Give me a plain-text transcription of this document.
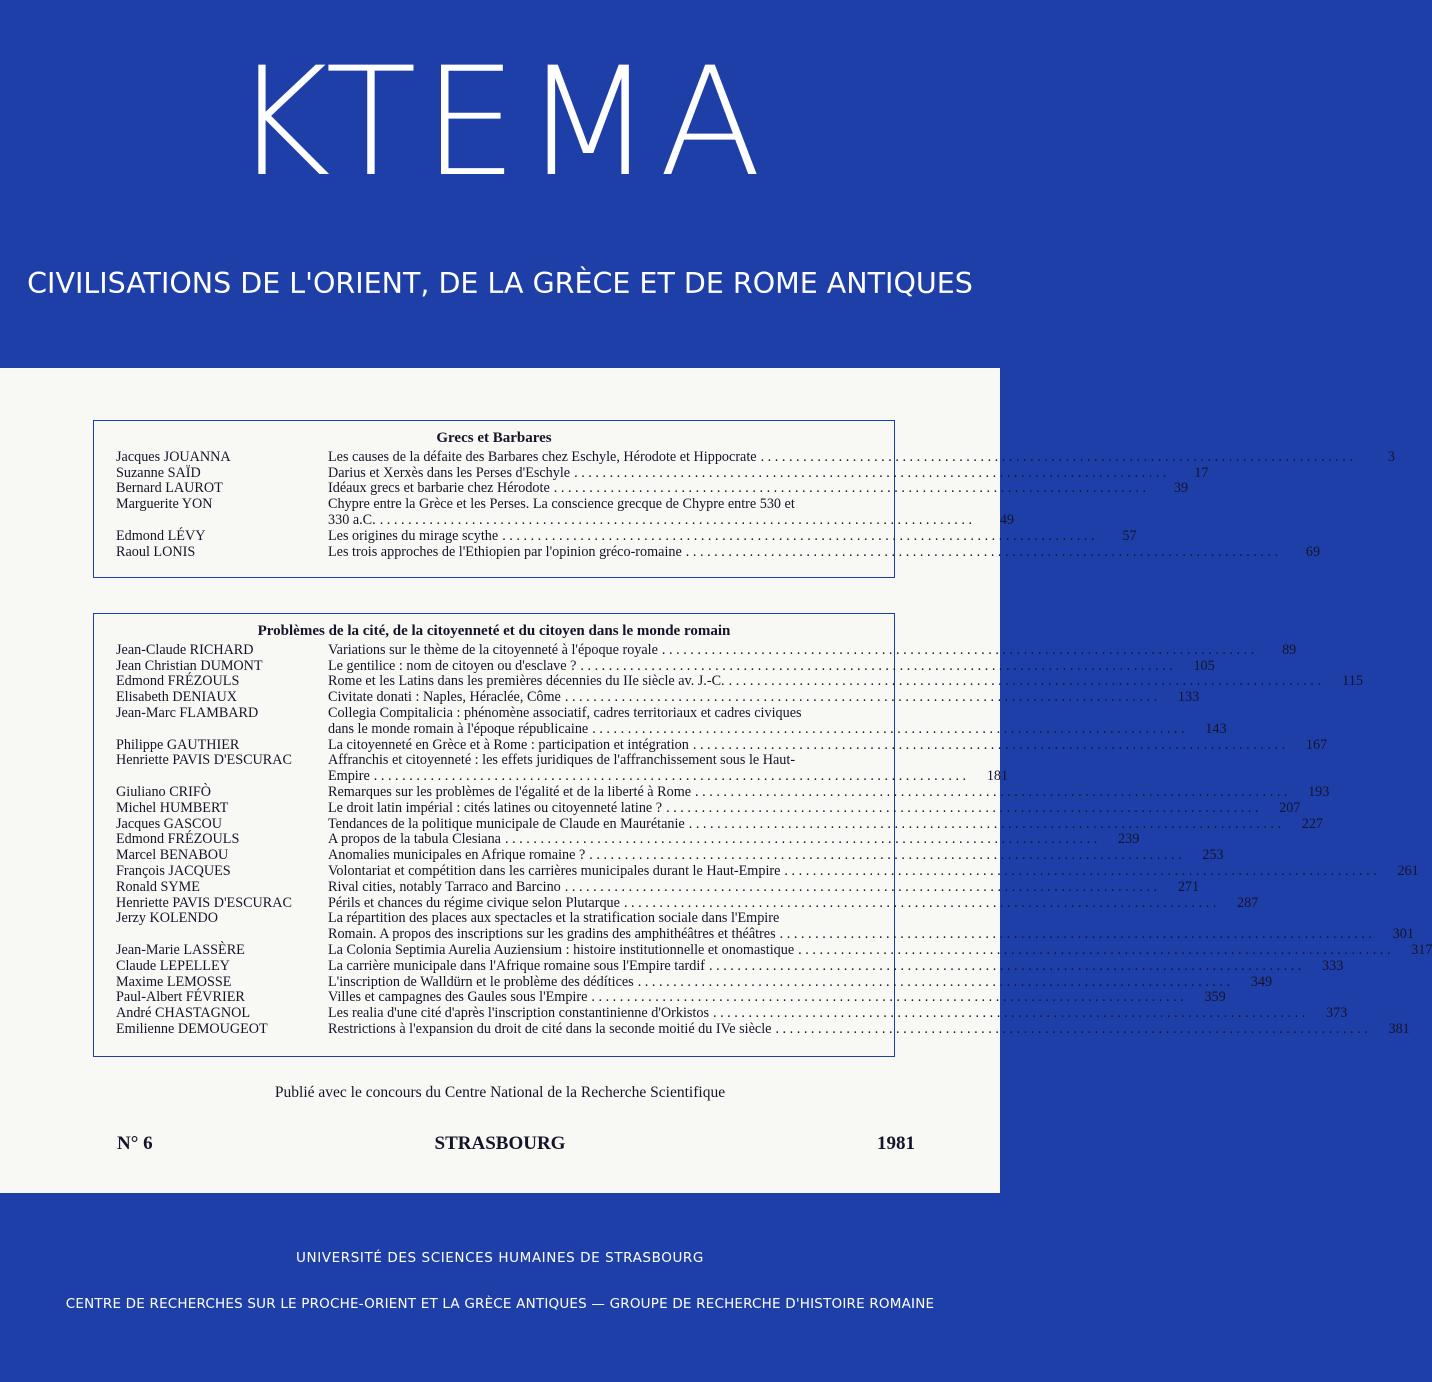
KTEMA
CIVILISATIONS DE L'ORIENT, DE LA GRÈCE ET DE ROME ANTIQUES
Grecs et Barbares
Jacques JOUANNA	Les causes de la défaite des Barbares chez Eschyle, Hérodote et Hippocrate . . .	3
Suzanne SAÏD	Darius et Xerxès dans les Perses d'Eschyle . . .	17
Bernard LAUROT	Idéaux grecs et barbarie chez Hérodote . . .	39
Marguerite YON	Chypre entre la Grèce et les Perses. La conscience grecque de Chypre entre 530 et
330 a.C. . . .	49
Edmond LÉVY	Les origines du mirage scythe . . .	57
Raoul LONIS	Les trois approches de l'Ethiopien par l'opinion gréco-romaine . . .	69
Problèmes de la cité, de la citoyenneté et du citoyen dans le monde romain
Jean-Claude RICHARD	Variations sur le thème de la citoyenneté à l'époque royale . . .	89
Jean Christian DUMONT	Le gentilice : nom de citoyen ou d'esclave ? . . .	105
Edmond FRÉZOULS	Rome et les Latins dans les premières décennies du IIe siècle av. J.-C. . . .	115
Elisabeth DENIAUX	Civitate donati : Naples, Héraclée, Côme . . .	133
Jean-Marc FLAMBARD	Collegia Compitalicia : phénomène associatif, cadres territoriaux et cadres civiques
dans le monde romain à l'époque républicaine . . .	143
Philippe GAUTHIER	La citoyenneté en Grèce et à Rome : participation et intégration . . .	167
Henriette PAVIS D'ESCURAC	Affranchis et citoyenneté : les effets juridiques de l'affranchissement sous le Haut-
Empire . . .	181
Giuliano CRIFÒ	Remarques sur les problèmes de l'égalité et de la liberté à Rome . . .	193
Michel HUMBERT	Le droit latin impérial : cités latines ou citoyenneté latine ? . . .	207
Jacques GASCOU	Tendances de la politique municipale de Claude en Maurétanie . . .	227
Edmond FRÉZOULS	A propos de la tabula Clesiana . . .	239
Marcel BENABOU	Anomalies municipales en Afrique romaine ? . . .	253
François JACQUES	Volontariat et compétition dans les carrières municipales durant le Haut-Empire . . .	261
Ronald SYME	Rival cities, notably Tarraco and Barcino . . .	271
Henriette PAVIS D'ESCURAC	Périls et chances du régime civique selon Plutarque . . .	287
Jerzy KOLENDO	La répartition des places aux spectacles et la stratification sociale dans l'Empire
Romain. A propos des inscriptions sur les gradins des amphithéâtres et théâtres . . .	301
Jean-Marie LASSÈRE	La Colonia Septimia Aurelia Auziensium : histoire institutionnelle et onomastique . . .	317
Claude LEPELLEY	La carrière municipale dans l'Afrique romaine sous l'Empire tardif . . .	333
Maxime LEMOSSE	L'inscription de Walldürn et le problème des dédítices . . .	349
Paul-Albert FÉVRIER	Villes et campagnes des Gaules sous l'Empire . . .	359
André CHASTAGNOL	Les realia d'une cité d'après l'inscription constantinienne d'Orkistos . . .	373
Emilienne DEMOUGEOT	Restrictions à l'expansion du droit de cité dans la seconde moitié du IVe siècle . . .	381
Publié avec le concours du Centre National de la Recherche Scientifique
N° 6	STRASBOURG	1981
UNIVERSITÉ DES SCIENCES HUMAINES DE STRASBOURG
CENTRE DE RECHERCHES SUR LE PROCHE-ORIENT ET LA GRÈCE ANTIQUES — GROUPE DE RECHERCHE D'HISTOIRE ROMAINE
